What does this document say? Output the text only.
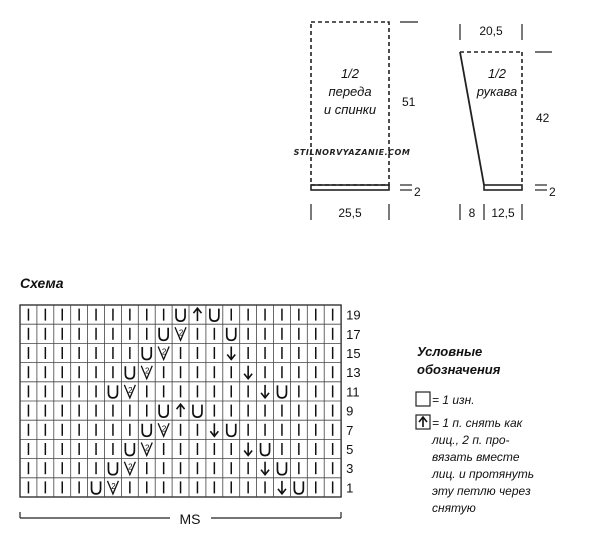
1/2
переда
и спинки 51
2
25,5
20,5
1/2
рукава
42
2
8 12,5
STILNORVYAZANIE.COM
Схема
2
2
2
2
2
2
2
2
19
17
15
13
11
9
7
5
3
1
MS
Условные
обозначения
= 1 изн.
= 1 п. снять как
лиц., 2 п. про-
вязать вместе
лиц. и протянуть
эту петлю через
снятую
